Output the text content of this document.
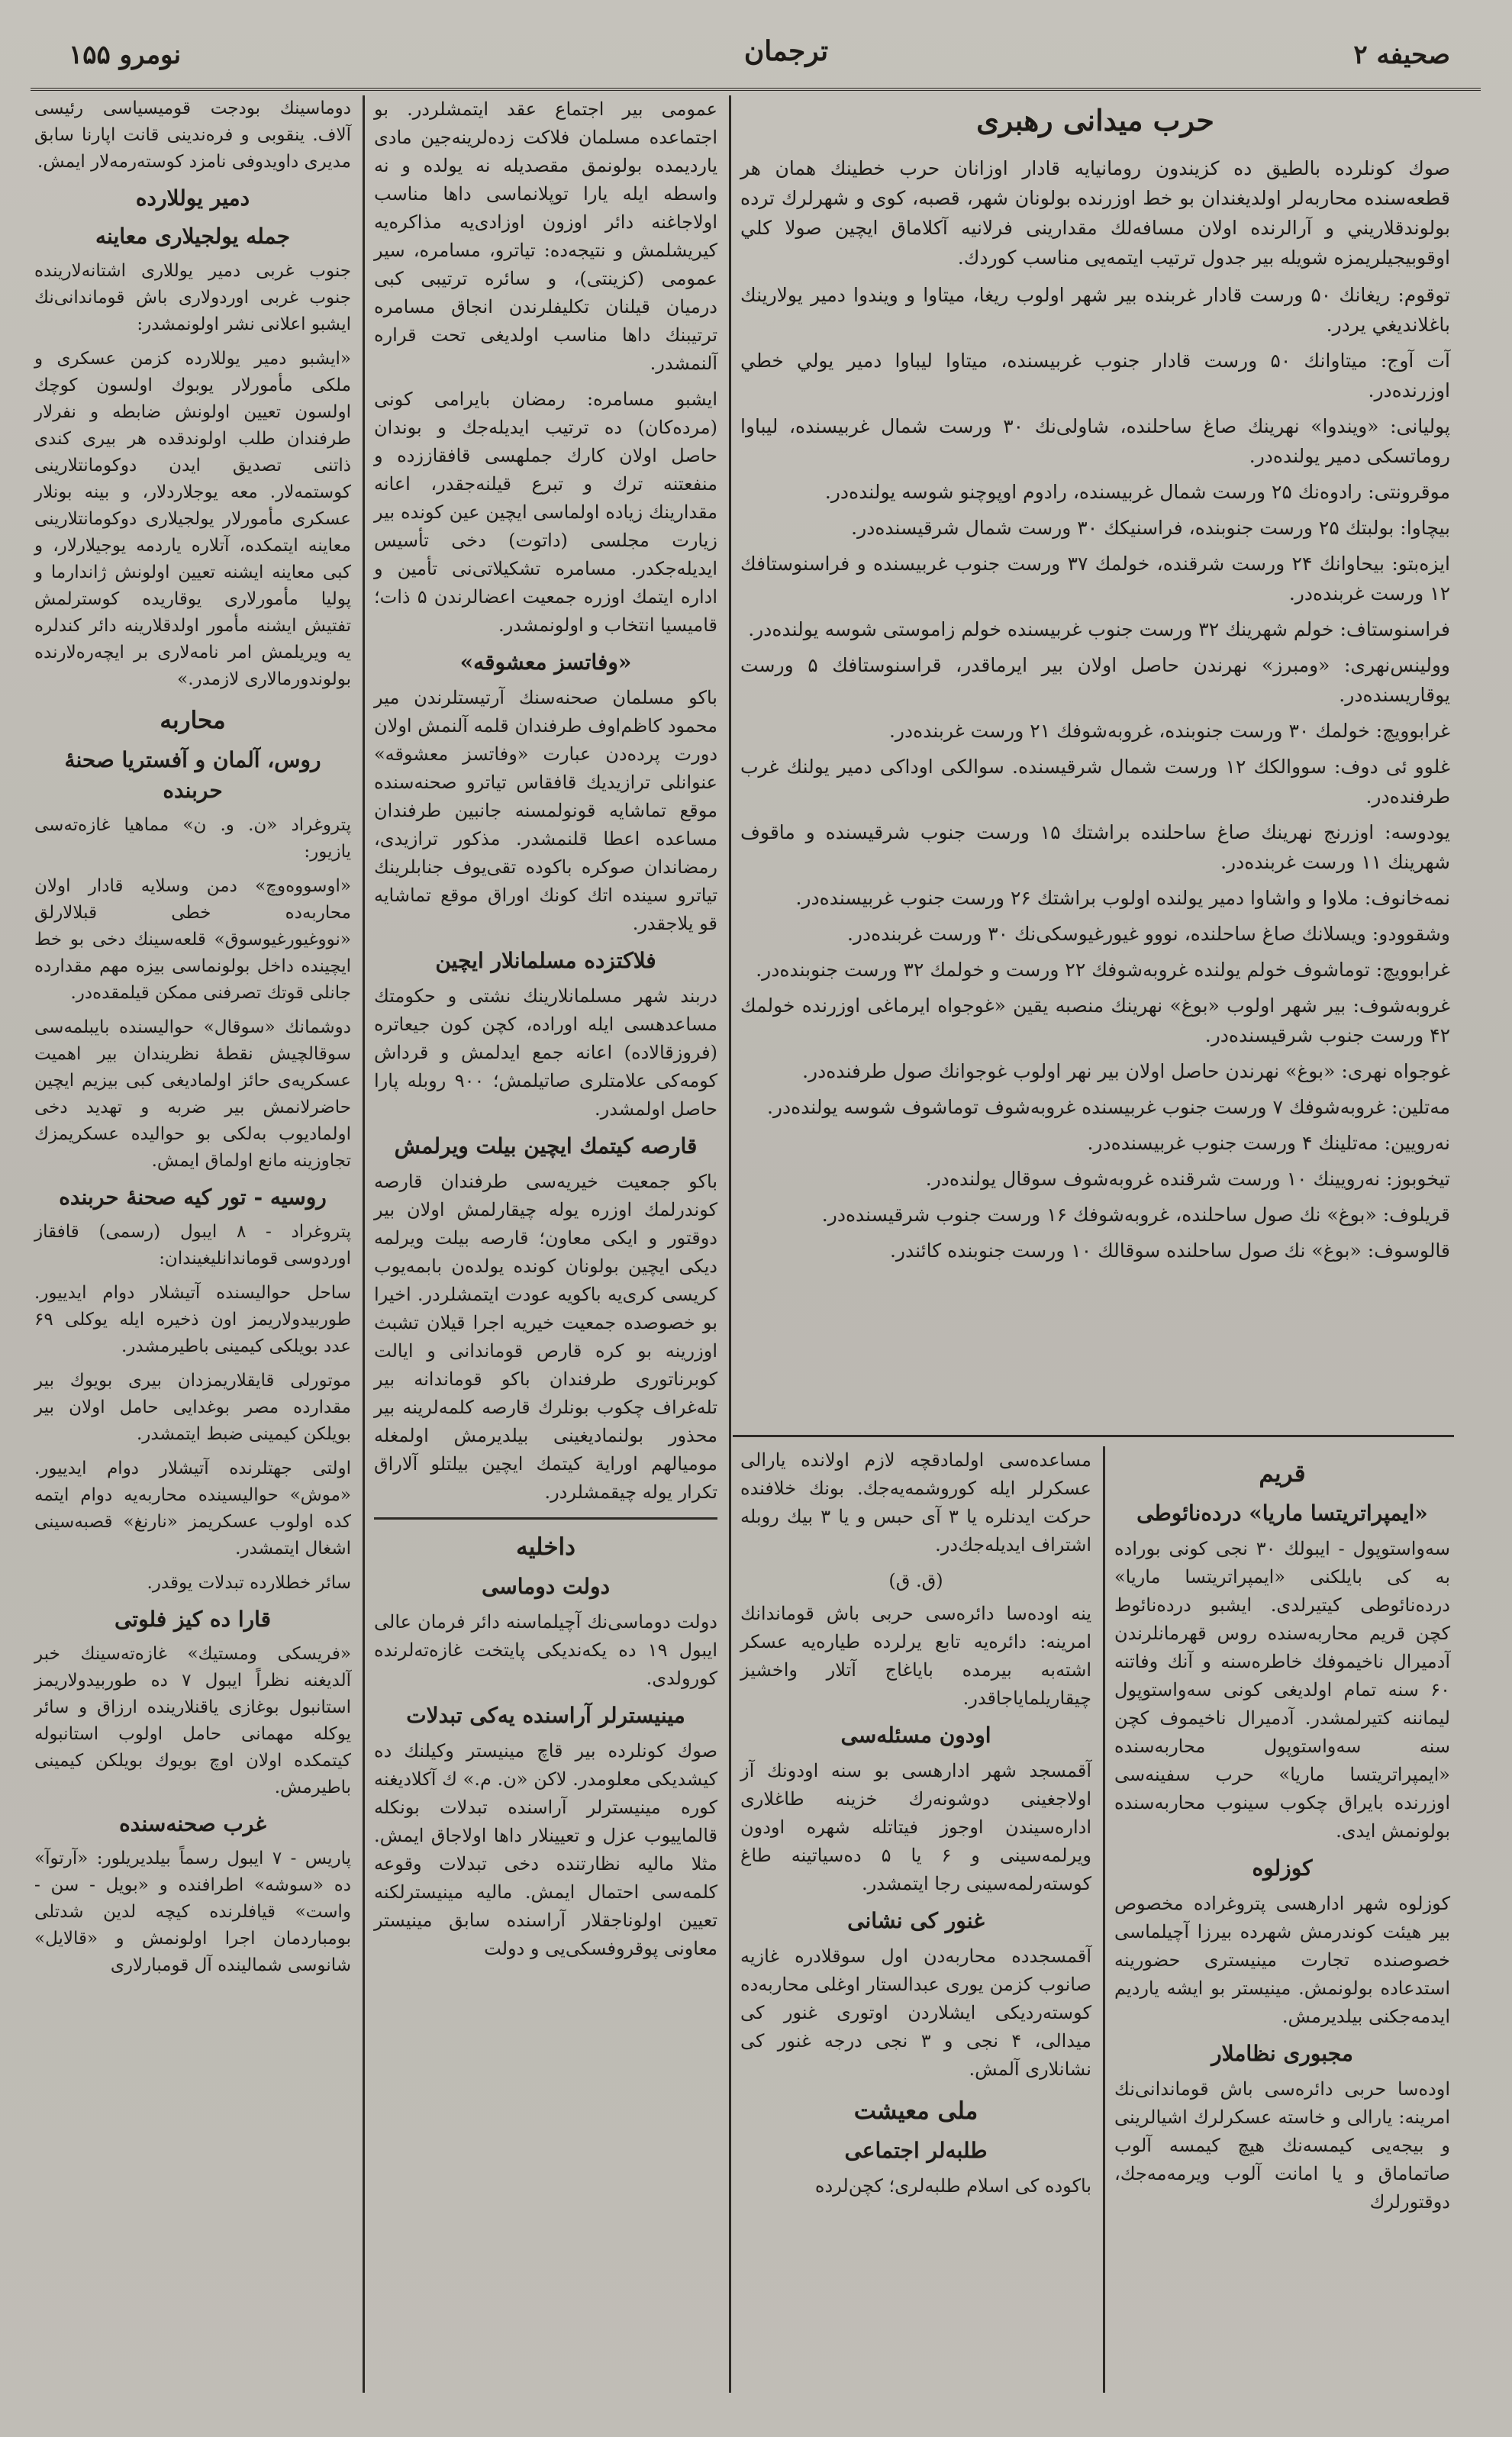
نومرو ۱۵۵	ترجمان	صحیفه ۲
حرب میدانی رهبری
صوك كونلرده بالطيق ده كزيندون رومانيايه قادار اوزانان حرب خطينك همان هر قطعه‌سنده محاربه‌لر اولديغندان بو خط اوزرنده بولونان شهر، قصبه، كوی و شهرلرك ترده بولوندقلاريني و آرالرنده اولان مسافه‌لك مقدارینی فرلانيه آكلاماق ايچين صولا كلي اوقوبيجيلريمزه شويله بير جدول ترتيب ايتمه‌يی مناسب كوردك.
توقوم: ريغانك ۵۰ ورست قادار غربنده بير شهر اولوب ريغا، ميتاوا و ويندوا دمير يولارينك باغلانديغي يردر.
آت آوج: ميتاوانك ۵۰ ورست قادار جنوب غربيسنده، ميتاوا ليباوا دمير يولي خطي اوزرنده‌در.
پوليانی: «ويندوا» نهرينك صاغ ساحلنده، شاولی‌نك ۳۰ ورست شمال غربيسنده، ليباوا روماتسكی دمير يولنده‌در.
موقرونتی: رادوه‌نك ۲۵ ورست شمال غربيسنده، رادوم اوپوچنو شوسه يولنده‌در.
بيچاوا: بولبتك ۲۵ ورست جنوبنده، فراسنيكك ۳۰ ورست شمال شرقيسنده‌در.
ايزه‌بتو: بيحاوانك ۲۴ ورست شرقنده، خولمك ۳۷ ورست جنوب غربيسنده و فراسنوستافك ۱۲ ورست غربنده‌در.
فراسنوستاف: خولم شهرينك ۳۲ ورست جنوب غربيسنده خولم زاموستی شوسه يولنده‌در.
وولينس‌نهری: «ومبرز» نهرندن حاصل اولان بير ايرماقدر، قراسنوستافك ۵ ورست يوقاريسنده‌در.
غرابوويچ: خولمك ۳۰ ورست جنوبنده، غروبه‌شوفك ۲۱ ورست غربنده‌در.
غلوو ئی دوف: سووالكك ۱۲ ورست شمال شرقيسنده. سوالكی اوداكی دمير يولنك غرب طرفنده‌در.
يودوسه: اوزرنج نهرينك صاغ ساحلنده براشتك ۱۵ ورست جنوب شرقيسنده و ماقوف شهرينك ۱۱ ورست غربنده‌در.
نمه‌خانوف: ملاوا و واشاوا دمير يولنده اولوب براشتك ۲۶ ورست جنوب غربيسنده‌در.
وشقوودو: ويسلانك صاغ ساحلنده، نووو غيورغيوسكی‌نك ۳۰ ورست غربنده‌در.
غرابوويچ: توماشوف خولم يولنده غروبه‌شوفك ۲۲ ورست و خولمك ۳۲ ورست جنوبنده‌در.
غروبه‌شوف: بير شهر اولوب «بوغ» نهرينك منصبه يقين «غوجواه ايرماغی اوزرنده خولمك ۴۲ ورست جنوب شرقيسنده‌در.
غوجواه نهری: «بوغ» نهرندن حاصل اولان بير نهر اولوب غوجوانك صول طرفنده‌در.
مه‌تلين: غروبه‌شوفك ۷ ورست جنوب غربيسنده غروبه‌شوف توماشوف شوسه يولنده‌در.
نه‌رويين: مه‌تلينك ۴ ورست جنوب غربيسنده‌در.
تيخوبوز: نه‌رويينك ۱۰ ورست شرقنده غروبه‌شوف سوقال يولنده‌در.
قريلوف: «بوغ» نك صول ساحلنده، غروبه‌شوفك ۱۶ ورست جنوب شرقيسنده‌در.
قالوسوف: «بوغ» نك صول ساحلنده سوقالك ۱۰ ورست جنوبنده كائندر.
قريم
«ايمپراتريتسا ماريا» درده‌نائوطی
سه‌واستوپول - ايبولك ۳۰ نجی كونی بوراده به كی بايلكنی «ايمپراتريتسا ماريا» درده‌نائوطی كيتيرلدی. ايشبو درده‌نائوط كچن قريم محاربه‌سنده روس قهرمانلرندن آدميرال ناخيموفك خاطره‌سنه و آنك وفاتنه ۶۰ سنه تمام اولديغی كونی سه‌واستوپول ليماننه كتيرلمشدر. آدميرال ناخيموف كچن سنه سه‌واستوپول محاربه‌سنده «ايمپراتريتسا ماريا» حرب سفينه‌سی اوزرنده بايراق چكوب سينوب محاربه‌سنده بولونمش ايدی.
كوزلوه
كوزلوه شهر ادارهسی پتروغراده مخصوص بير هيئت كوندرمش شهرده بيرزا آچيلماسی خصوصنده تجارت مينيستری حضورينه استدعاده بولونمش. مينيستر بو ايشه يارديم ايدمه‌جكنی بيلديرمش.
مجبوری نظاملار
اوده‌سا حربی دائره‌سی باش قوماندانی‌نك امرينه: يارالی و خاسته عسكرلرك اشيالرينی و بيجه‌يی كيمسه‌نك هيچ كيمسه آلوب صاتماماق و يا امانت آلوب ويرمه‌مه‌جك، دوقتورلرك
مساعده‌سی اولمادقچه لازم اولانده يارالی عسكرلر ايله كوروشمه‌يه‌جك. بونك خلافنده حركت ايدنلره يا ۳ آی حبس و يا ۳ بيك روبله اشتراف ايديله‌جك‌در.
(ق. ق)
ينه اوده‌سا دائره‌سی حربی باش قوماندانك امرينه: دائره‌يه تابع يرلرده طياره‌يه عسكر اشته‌به بيرمده باياغاج آتلار واخشيز چيقاريلماياجاقدر.
اودون مسئله‌سی
آقمسجد شهر ادارهسی بو سنه اودونك آز اولاجغينی دوشونه‌رك خزينه طاغلاری اداره‌سيندن اوجوز فيتاتله شهره اودون ويرلمه‌سينی و ۶ يا ۵ ده‌سياتينه طاغ كوسته‌رلمه‌سينی رجا ايتمشدر.
غنور كی نشانی
آقمسجدده محاربه‌دن اول سوقلادره غازيه صانوب كزمن يوری عبدالستار اوغلی محاربه‌ده كوسته‌رديكی ايشلاردن اوتوری غنور كی ميدالی، ۴ نجی و ۳ نجی درجه غنور كی نشانلاری آلمش.
ملی معيشت
طلبه‌لر اجتماعی
باكوده كی اسلام طلبه‌لری؛ كچن‌لرده
عمومی بير اجتماع عقد ايتمشلردر. بو اجتماعده مسلمان فلاكت زده‌لرينه‌جين مادی يارديمده بولونمق مقصديله نه يولده و نه واسطه ايله يارا توپلانماسی داها مناسب اولاجاغنه دائر اوزون اوزادی‌يه مذاكره‌يه كيريشلمش و نتيجه‌ده: تياترو، مسامره، سير عمومی (كزينتی)، و سائره ترتيبی كبی درمیان قيلنان تكليفلرندن انجاق مسامره ترتيبنك داها مناسب اولديغی تحت قراره آلنمشدر.
ايشبو مسامره: رمضان بايرامی كونی (مرده‌كان) ده ترتيب ايديله‌جك و بوندان حاصل اولان كارك جملهسی قافقاز‌زده و منفعتنه ترك و تبرع قيلنه‌جقدر، اعانه مقدارينك زياده اولماسی ايچين عين كونده بير زيارت مجلسی (داتوت) دخی تأسيس ايديله‌جكدر. مسامره تشكيلاتی‌نی تأمين و اداره ايتمك اوزره جمعيت اعضالرندن ۵ ذات؛ قاميسيا انتخاب و اولونمشدر.
«وفاتسز معشوقه»
باكو مسلمان صحنه‌سنك آرتيستلرندن مير محمود كاظم‌اوف طرفندان قلمه آلنمش اولان دورت پرده‌دن عبارت «وفاتسز معشوقه» عنوانلی ترازيديك قافقاس تياترو صحنه‌سنده موقع تماشايه قونولمسنه جانبين طرفندان مساعده اعطا قلنمشدر. مذكور ترازيدی، رمضاندان صوكره باكوده تقی‌يوف جنابلرينك تياترو سينده اتك كونك اوراق موقع تماشايه قو يلاجقدر.
فلاكتزده مسلمانلار ايچين
دربند شهر مسلمانلارينك نشتی و حكومتك مساعدهسی ايله اوراده، كچن كون جيعاتره (فروزقالاده) اعانه جمع ايدلمش و قرداش كومه‌كی علامتلری صاتيلمش؛ ۹۰۰ روبله پارا حاصل اولمشدر.
قارصه كيتمك ايچين بيلت ويرلمش
باكو جمعيت خيريه‌سی طرفندان قارصه كوندرلمك اوزره يوله چيقارلمش اولان بير دوقتور و ايكی معاون؛ قارصه بيلت ويرلمه ديكی ايچين بولونان كونده يولده‌ن بابمه‌يوب كريسی كری‌يه باكويه عودت ايتمشلردر. اخيرا بو خصوصده جمعيت خيريه اجرا قيلان تشبث اوزرينه بو كره قارص قوماندانی و ايالت كوبرناتوری طرفندان باكو قوماندانه بير تله‌غراف چكوب بونلرك قارصه كلمه‌لرينه بير محذور بولنماديغينی بيلديرمش اولمغله موميالهم اوراية كيتمك ايچين بيلتلو آلاراق تكرار يوله چيقمشلردر.
داخليه
دولت دوماسی
دولت دوماسی‌نك آچيلماسنه دائر فرمان عالی ايبول ۱۹ ده يكه‌نديكی پايتخت غازه‌ته‌لرنده كورولدی.
مينيسترلر آراسنده يه‌كی تبدلات
صوك كونلرده بير قاچ مينيستر وكيلنك ده كيشديكی معلومدر. لاكن «ن. م.» ك آكلاديغنه كوره مينيسترلر آراسنده تبدلات بونكله قالماييوب عزل و تعيينلار داها اولاجاق ايمش. مثلا ماليه نظارتنده دخی تبدلات وقوعه كلمه‌سی احتمال ايمش. ماليه مينيسترلكنه تعيين اولوناجقلار آراسنده سابق مينيستر معاونی پوقروفسكی‌يی و دولت
دوماسينك بودجت قوميسياسی رئيسی آلاف. ينقوبی و فره‌ندينی قانت اپارنا سابق مديری داويدوفی نامزد كوسته‌رمه‌لار ايمش.
دمير يوللارده
جمله يولجيلاری معاينه
جنوب غربی دمير يوللاری اشتانه‌لارينده جنوب غربی اوردولاری باش قوماندانی‌نك ايشبو اعلانی نشر اولونمشدر:
«ايشبو دمير يوللارده كزمن عسكری و ملكی مأمورلار يوبوك اولسون كوچك اولسون تعيين اولونش ضابطه و نفرلار طرفندان طلب اولوندقده هر بيری كندی ذاتنی تصديق ايدن دوكومانتلارينی كوستمه‌لار. معه يوجلاردلار، و بينه بونلار عسكری مأمورلار يولجيلاری دوكومانتلارينی معاينه ايتمكده، آتلاره ياردمه يوجيلارلار، و كبی معاينه ايشنه تعيين اولونش ژاندارما و پوليا مأمورلاری يوقاريده كوسترلمش تفتيش ايشنه مأمور اولدقلارينه دائر كندلره يه ويريلمش امر نامه‌لاری بر ايچه‌ره‌لارنده بولوندورمالاری لازمدر.»
محاربه
روس، آلمان و آفستريا صحنهٔ حربنده
پتروغراد «ن. و. ن» مماهيا غازه‌ته‌سی يازيور:
«اوسووه‌وچ» دمن وسلايه قادار اولان محاربه‌ده خطی قبلالارلق «نووغيورغيوسوق» قلعه‌سينك دخی بو خط ايچينده داخل بولونماسی بيزه مهم مقدارده جانلی قوتك تصرفنی ممكن قيلمقده‌در.
دوشمانك «سوقال» حواليسنده بايبلمه‌سی سوقالچيش نقطهٔ نظريندان بير اهميت عسكريه‌ی حائز اولماديغی كبی بيزيم ايچين حاضرلانمش بير ضربه و تهديد دخی اولماديوب به‌لكی بو حواليده عسكريمزك تجاوزينه مانع اولماق ايمش.
روسيه - تور كيه صحنهٔ حربنده
پتروغراد - ۸ ايبول (رسمی) قافقاز اوردوسی قوماندانليغيندان:
ساحل حواليسنده آتيشلار دوام ايدييور. طوربيدولاريمز اون ذخيره ايله يوكلی ۶۹ عدد بويلكی كيمينی باطيرمشدر.
موتورلی قايقلاريمزدان بيری بويوك بير مقدارده مصر بوغدايی حامل اولان بير بويلكن كيمينی ضبط ايتمشدر.
اولتی جهتلرنده آتيشلار دوام ايدييور. «موش» حواليسينده محاربه‌يه دوام ايتمه كده اولوب عسكريمز «نارنغ» قصبه‌سينی اشغال ايتمشدر.
سائر خطلارده تبدلات يوقدر.
قارا ده كيز فلوتی
«فريسكی ومستيك» غازه‌ته‌سينك خبر آلدیغنه نظراً ايبول ۷ ده طوربيدولاريمز استانبول بوغازی ياقنلارينده ارزاق و سائر يوكله مهمانی حامل اولوب استانبوله كيتمكده اولان اوچ بويوك بويلكن كيمينی باطيرمش.
غرب صحنه‌سنده
پاريس - ۷ ايبول رسماً بيلديريلور: «آرتوآ» ده «سوشه» اطرافنده و «بويل - سن - واست» قيافلرنده كيچه لدين شدتلی بومباردمان اجرا اولونمش و «قالايل» شانوسی شمالينده آل قومبارلاری
